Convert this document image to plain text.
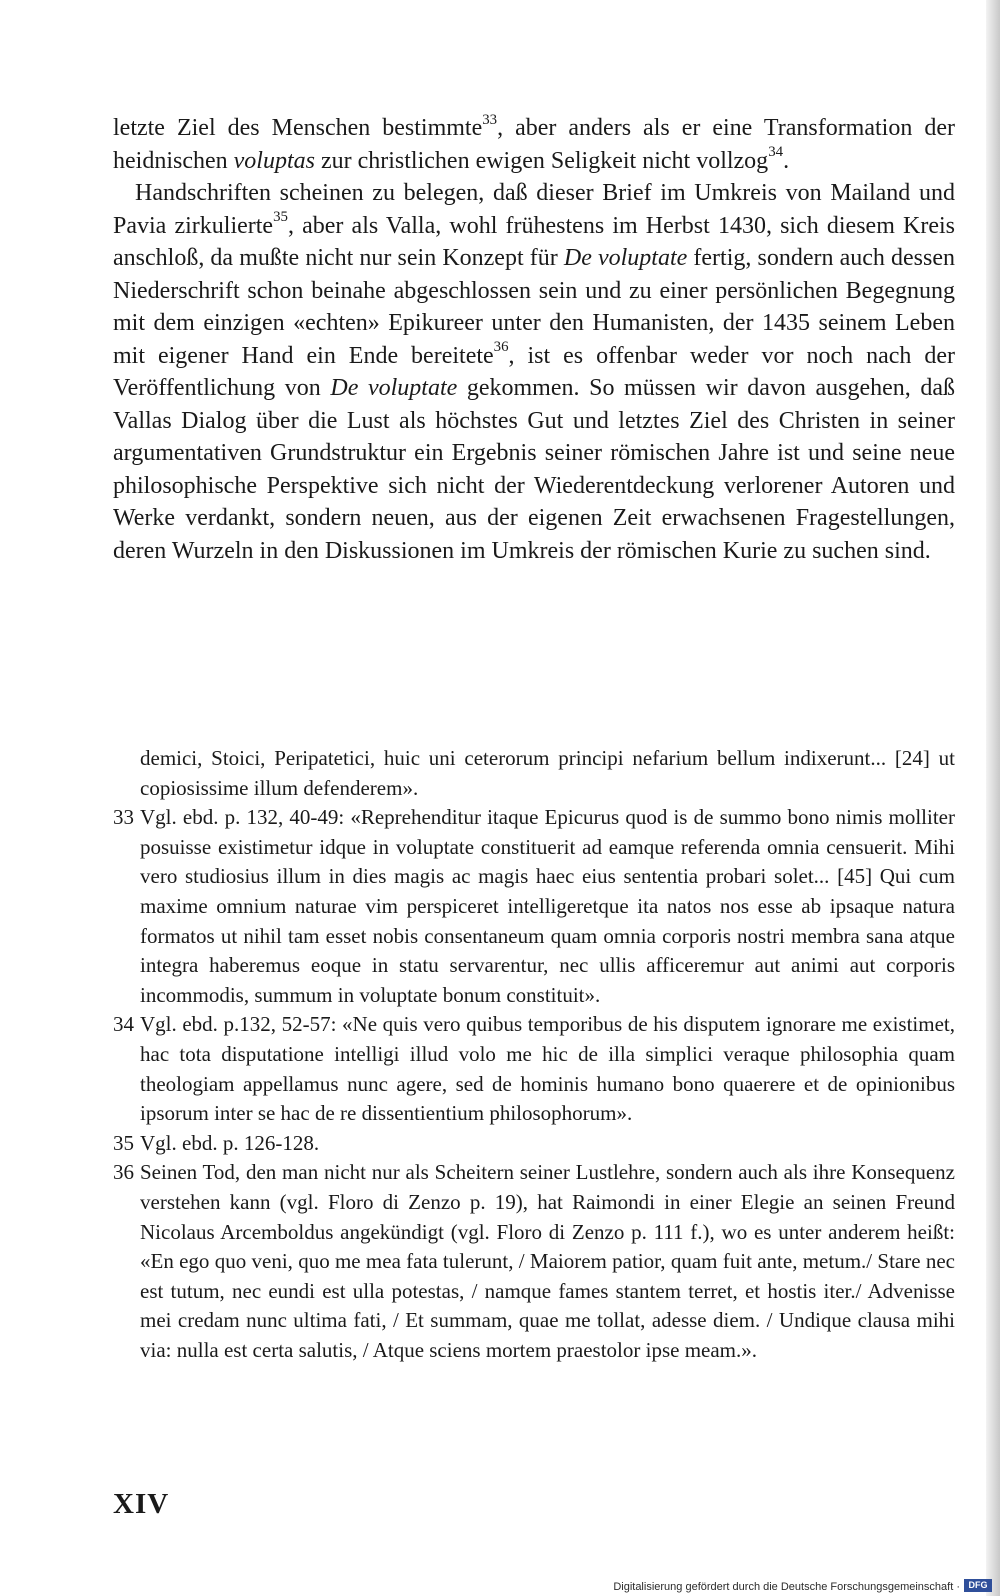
letzte Ziel des Menschen bestimmte$^{33}$, aber anders als er eine Transformation der heidnischen voluptas zur christlichen ewigen Seligkeit nicht vollzog$^{34}$.

Handschriften scheinen zu belegen, daß dieser Brief im Umkreis von Mailand und Pavia zirkulierte$^{35}$, aber als Valla, wohl frühestens im Herbst 1430, sich diesem Kreis anschloß, da mußte nicht nur sein Konzept für De voluptate fertig, sondern auch dessen Niederschrift schon beinahe abgeschlossen sein und zu einer persönlichen Begegnung mit dem einzigen «echten» Epikureer unter den Humanisten, der 1435 seinem Leben mit eigener Hand ein Ende bereitete$^{36}$, ist es offenbar weder vor noch nach der Veröffentlichung von De voluptate gekommen. So müssen wir davon ausgehen, daß Vallas Dialog über die Lust als höchstes Gut und letztes Ziel des Christen in seiner argumentativen Grundstruktur ein Ergebnis seiner römischen Jahre ist und seine neue philosophische Perspektive sich nicht der Wiederentdeckung verlorener Autoren und Werke verdankt, sondern neuen, aus der eigenen Zeit erwachsenen Fragestellungen, deren Wurzeln in den Diskussionen im Umkreis der römischen Kurie zu suchen sind.

demici, Stoici, Peripatetici, huic uni ceterorum principi nefarium bellum indixerunt... [24] ut copiosissime illum defenderem».

33 Vgl. ebd. p. 132, 40-49: «Reprehenditur itaque Epicurus quod is de summo bono nimis molliter posuisse existimetur idque in voluptate constituerit ad eamque referenda omnia censuerit. Mihi vero studiosius illum in dies magis ac magis haec eius sententia probari solet... [45] Qui cum maxime omnium naturae vim perspiceret intelligeretque ita natos nos esse ab ipsaque natura formatos ut nihil tam esset nobis consentaneum quam omnia corporis nostri membra sana atque integra haberemus eoque in statu servarentur, nec ullis afficeremur aut animi aut corporis incommodis, summum in voluptate bonum constituit».

34 Vgl. ebd. p.132, 52-57: «Ne quis vero quibus temporibus de his disputem ignorare me existimet, hac tota disputatione intelligi illud volo me hic de illa simplici veraque philosophia quam theologiam appellamus nunc agere, sed de hominis humano bono quaerere et de opinionibus ipsorum inter se hac de re dissentientium philosophorum».

35 Vgl. ebd. p. 126-128.

36 Seinen Tod, den man nicht nur als Scheitern seiner Lustlehre, sondern auch als ihre Konsequenz verstehen kann (vgl. Floro di Zenzo p. 19), hat Raimondi in einer Elegie an seinen Freund Nicolaus Arcemboldus angekündigt (vgl. Floro di Zenzo p. 111 f.), wo es unter anderem heißt: «En ego quo veni, quo me mea fata tulerunt, / Maiorem patior, quam fuit ante, metum./ Stare nec est tutum, nec eundi est ulla potestas, / namque fames stantem terret, et hostis iter./ Advenisse mei credam nunc ultima fati, / Et summam, quae me tollat, adesse diem. / Undique clausa mihi via: nulla est certa salutis, / Atque sciens mortem praestolor ipse meam.».

XIV
Digitalisierung gefördert durch die Deutsche Forschungsgemeinschaft · DFG
